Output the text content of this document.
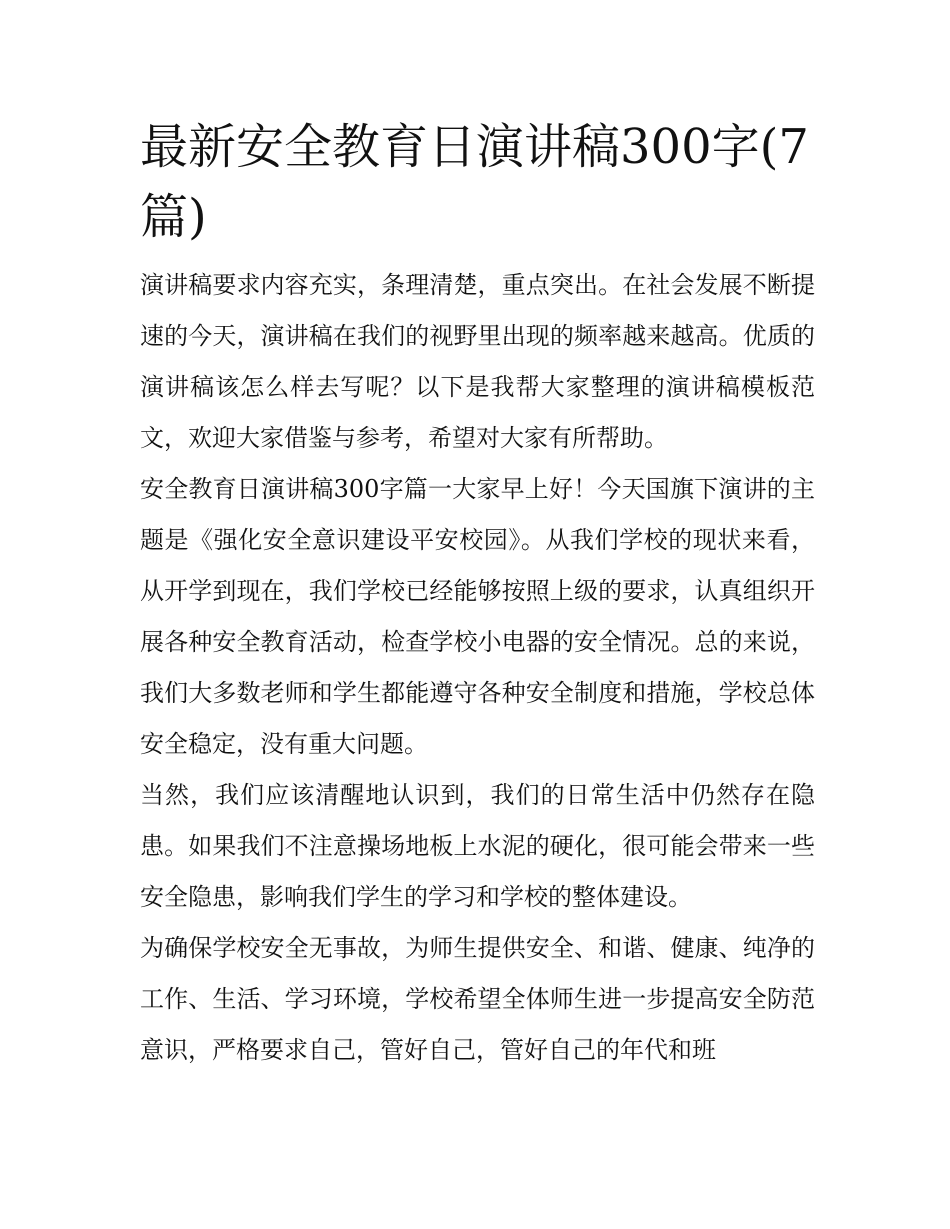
最新安全教育日演讲稿300字(7篇)

演讲稿要求内容充实，条理清楚，重点突出。在社会发展不断提速的今天，演讲稿在我们的视野里出现的频率越来越高。优质的演讲稿该怎么样去写呢？以下是我帮大家整理的演讲稿模板范文，欢迎大家借鉴与参考，希望对大家有所帮助。

安全教育日演讲稿300字篇一大家早上好！今天国旗下演讲的主题是《强化安全意识建设平安校园》。从我们学校的现状来看，从开学到现在，我们学校已经能够按照上级的要求，认真组织开展各种安全教育活动，检查学校小电器的安全情况。总的来说，我们大多数老师和学生都能遵守各种安全制度和措施，学校总体安全稳定，没有重大问题。

当然，我们应该清醒地认识到，我们的日常生活中仍然存在隐患。如果我们不注意操场地板上水泥的硬化，很可能会带来一些安全隐患，影响我们学生的学习和学校的整体建设。

为确保学校安全无事故，为师生提供安全、和谐、健康、纯净的工作、生活、学习环境，学校希望全体师生进一步提高安全防范意识，严格要求自己，管好自己，管好自己的年代和班
